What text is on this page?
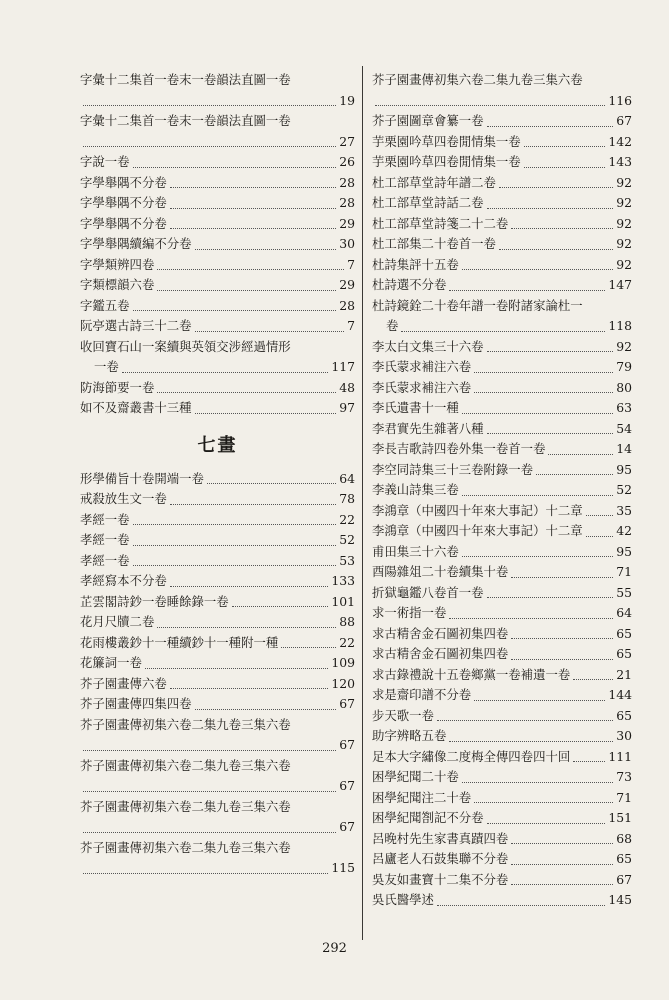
字彙十二集首一卷末一卷韻法直圖一卷
19
字彙十二集首一卷末一卷韻法直圖一卷
27
字說一卷	26
字學舉隅不分卷	28
字學舉隅不分卷	28
字學舉隅不分卷	29
字學舉隅續編不分卷	30
字學類辨四卷	7
字類標韻六卷	29
字鑑五卷	28
阮亭選古詩三十二卷	7
收回寶石山一案續與英領交涉經過情形
一卷	117
防海節要一卷	48
如不及齋叢書十三種	97
七畫
形學備旨十卷開端一卷	64
戒殺放生文一卷	78
孝經一卷	22
孝經一卷	52
孝經一卷	53
孝經寫本不分卷	133
芷雲閣詩鈔一卷睡餘錄一卷	101
花月尺牘二卷	88
花雨樓叢鈔十一種續鈔十一種附一種	22
花簾詞一卷	109
芥子園畫傳六卷	120
芥子園畫傳四集四卷	67
芥子園畫傳初集六卷二集九卷三集六卷
67
芥子園畫傳初集六卷二集九卷三集六卷
67
芥子園畫傳初集六卷二集九卷三集六卷
67
芥子園畫傳初集六卷二集九卷三集六卷
115
芥子園畫傳初集六卷二集九卷三集六卷
116
芥子園圖章會纂一卷	67
芋栗園吟草四卷閒情集一卷	142
芋栗園吟草四卷閒情集一卷	143
杜工部草堂詩年譜二卷	92
杜工部草堂詩話二卷	92
杜工部草堂詩箋二十二卷	92
杜工部集二十卷首一卷	92
杜詩集評十五卷	92
杜詩選不分卷	147
杜詩鏡銓二十卷年譜一卷附諸家論杜一
卷	118
李太白文集三十六卷	92
李氏蒙求補注六卷	79
李氏蒙求補注六卷	80
李氏遺書十一種	63
李君實先生雜著八種	54
李長吉歌詩四卷外集一卷首一卷	14
李空同詩集三十三卷附錄一卷	95
李義山詩集三卷	52
李鴻章（中國四十年來大事記）十二章	35
李鴻章（中國四十年來大事記）十二章	42
甫田集三十六卷	95
酉陽雜俎二十卷續集十卷	71
折獄龜鑑八卷首一卷	55
求一術指一卷	64
求古精舍金石圖初集四卷	65
求古精舍金石圖初集四卷	65
求古錄禮說十五卷鄉黨一卷補遺一卷	21
求是齋印譜不分卷	144
步天歌一卷	65
助字辨略五卷	30
足本大字繡像二度梅全傳四卷四十回	111
困學紀聞二十卷	73
困學紀聞注二十卷	71
困學紀聞劄記不分卷	151
呂晚村先生家書真蹟四卷	68
呂廬老人石鼓集聯不分卷	65
吳友如畫寶十二集不分卷	67
吳氏醫學述	145
292
